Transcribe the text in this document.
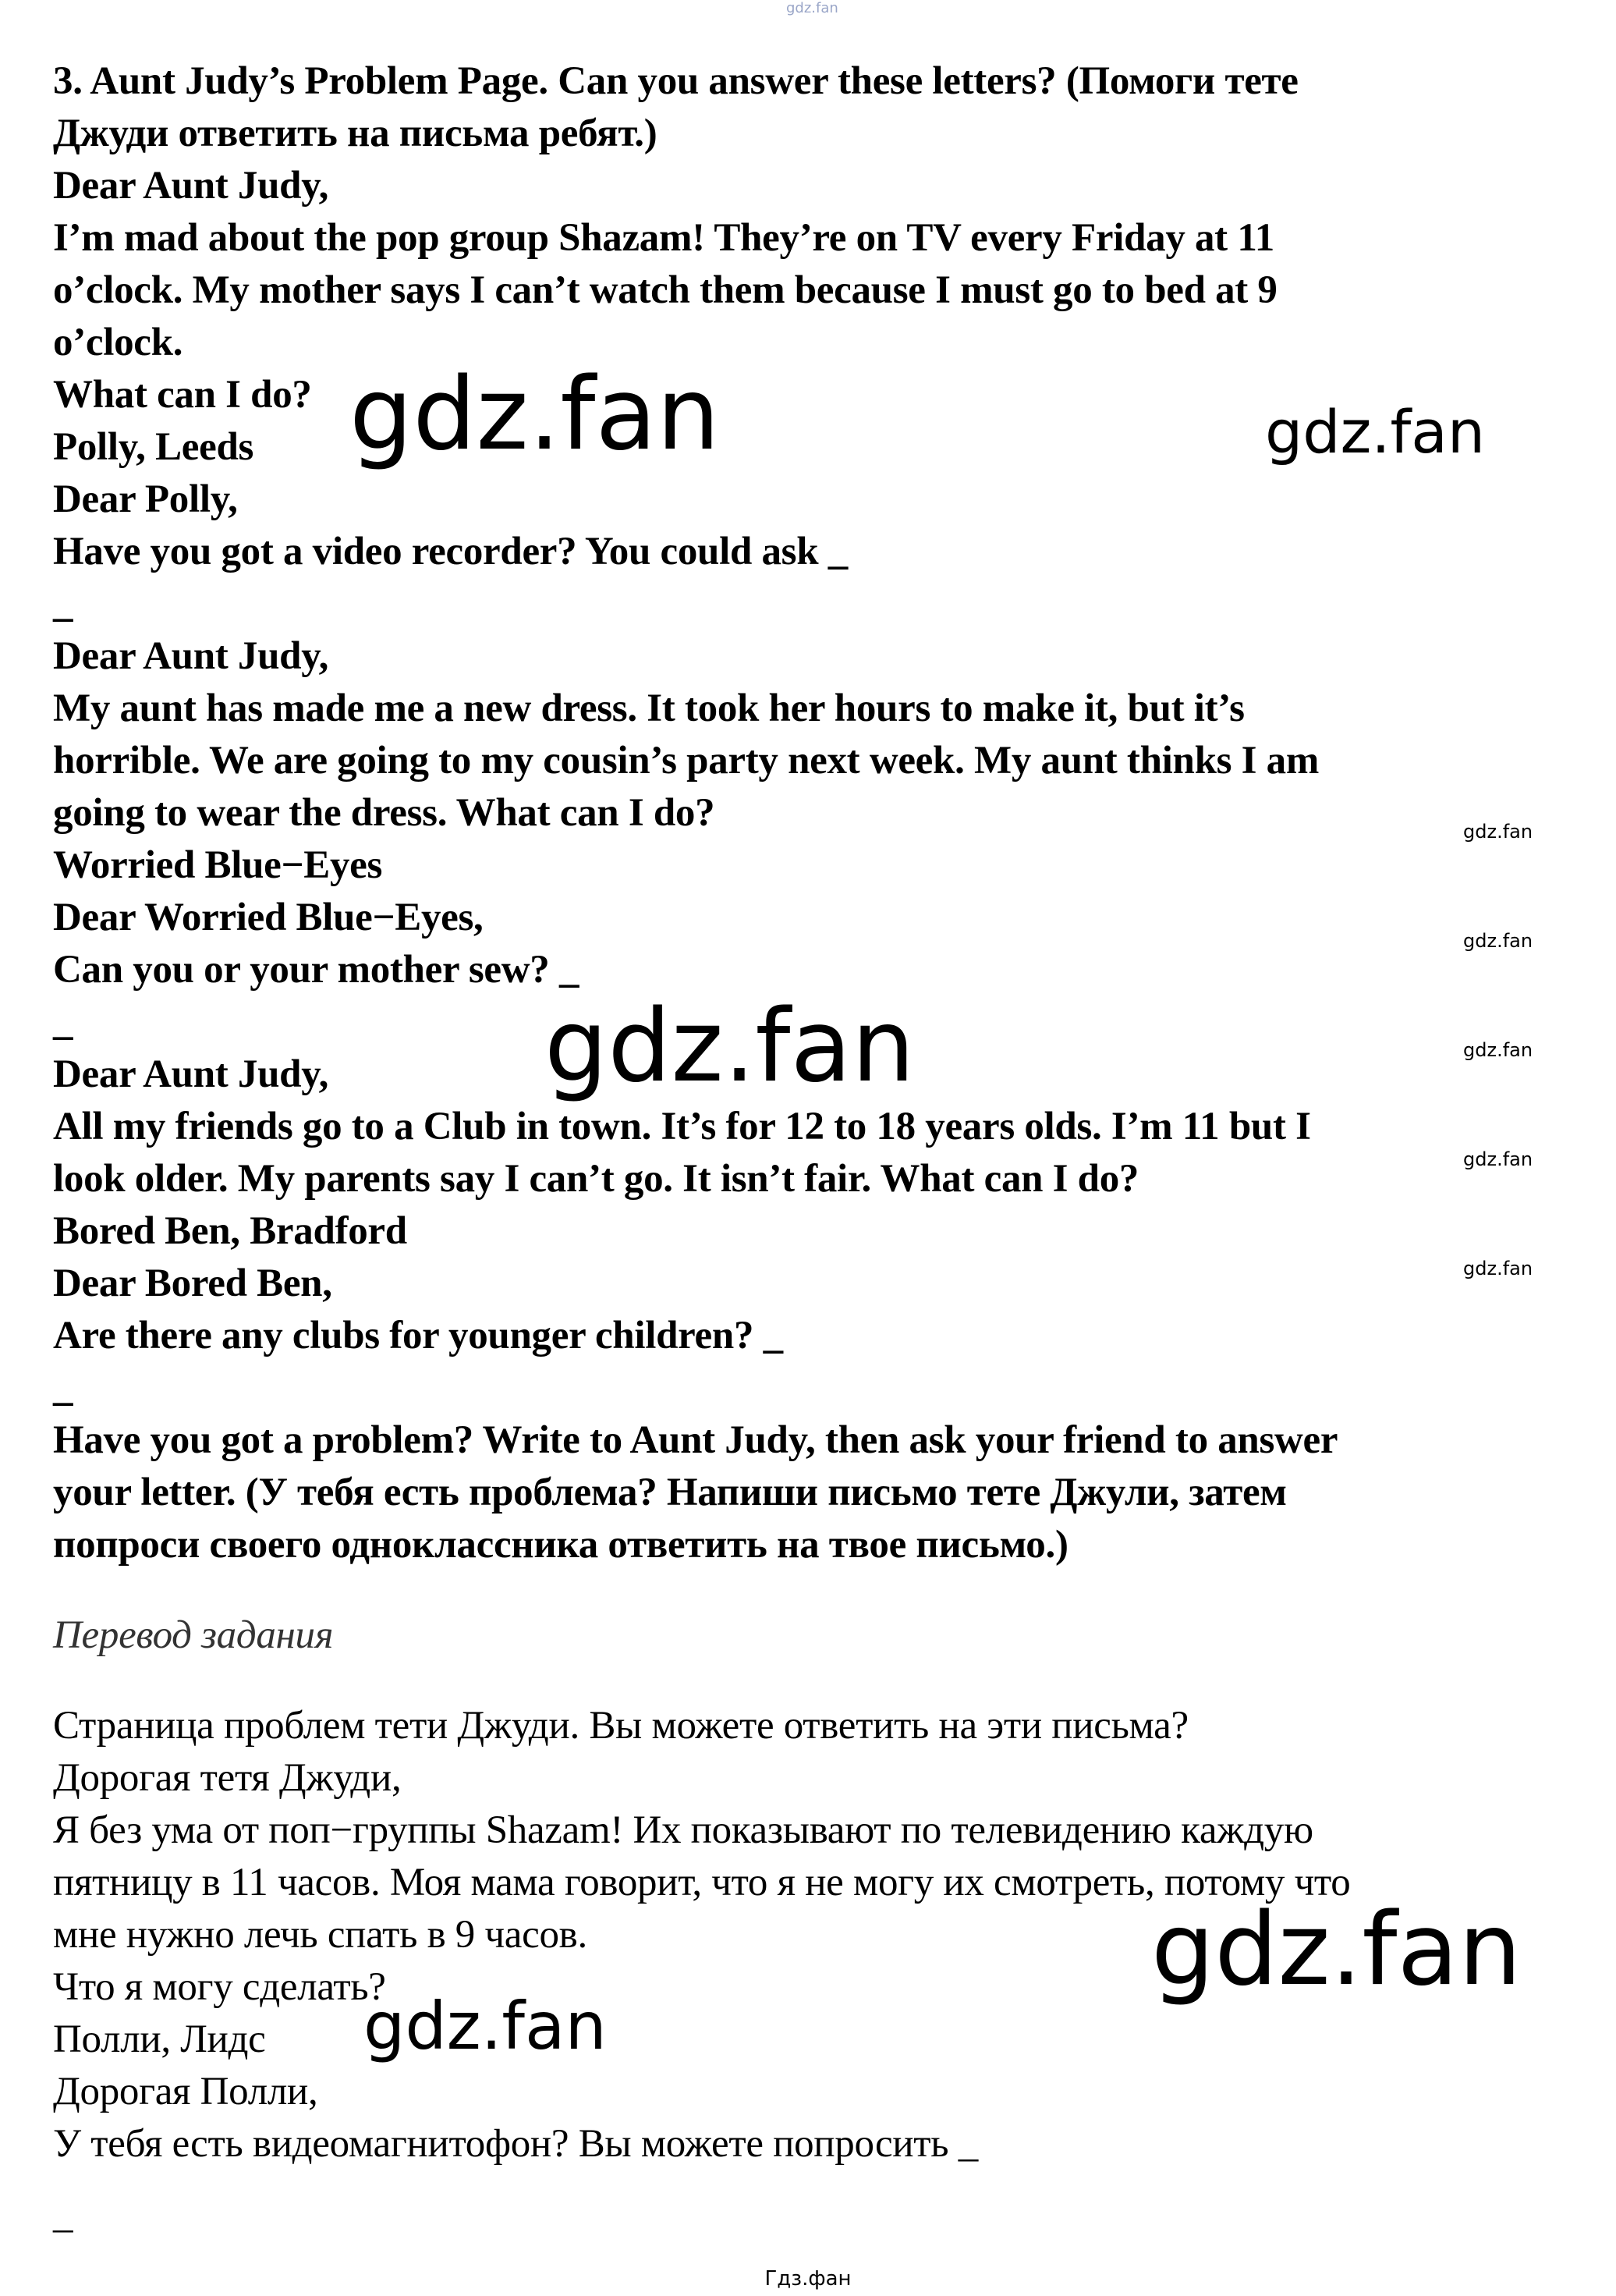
gdz.fan

3. Aunt Judy’s Problem Page. Can you answer these letters? (Помоги тете

Джуди ответить на письма ребят.)

Dear Aunt Judy,

I’m mad about the pop group Shazam! They’re on TV every Friday at 11

o’clock. My mother says I can’t watch them because I must go to bed at 9

o’clock.

What can I do?

Polly, Leeds

Dear Polly,

Have you got a video recorder? You could ask _

_

Dear Aunt Judy,

My aunt has made me a new dress. It took her hours to make it, but it’s

horrible. We are going to my cousin’s party next week. My aunt thinks I am

going to wear the dress. What can I do?

Worried Blue−Eyes

Dear Worried Blue−Eyes,

Can you or your mother sew? _

_

Dear Aunt Judy,

All my friends go to a Club in town. It’s for 12 to 18 years olds. I’m 11 but I

look older. My parents say I can’t go. It isn’t fair. What can I do?

Bored Ben, Bradford

Dear Bored Ben,

Are there any clubs for younger children? _

_

Have you got a problem? Write to Aunt Judy, then ask your friend to answer

your letter. (У тебя есть проблема? Напиши письмо тете Джули, затем

попроси своего одноклассника ответить на твое письмо.)

Перевод задания

Страница проблем тети Джуди. Вы можете ответить на эти письма?

Дорогая тетя Джуди,

Я без ума от поп−группы Shazam! Их показывают по телевидению каждую

пятницу в 11 часов. Моя мама говорит, что я не могу их смотреть, потому что

мне нужно лечь спать в 9 часов.

Что я могу сделать?

Полли, Лидс

Дорогая Полли,

У тебя есть видеомагнитофон? Вы можете попросить _

_

gdz.fan	gdz.fan

gdz.fan

gdz.fan

gdz.fan

gdz.fan

gdz.fan

gdz.fan

gdz.fan

gdz.fan

Гдз.фан
